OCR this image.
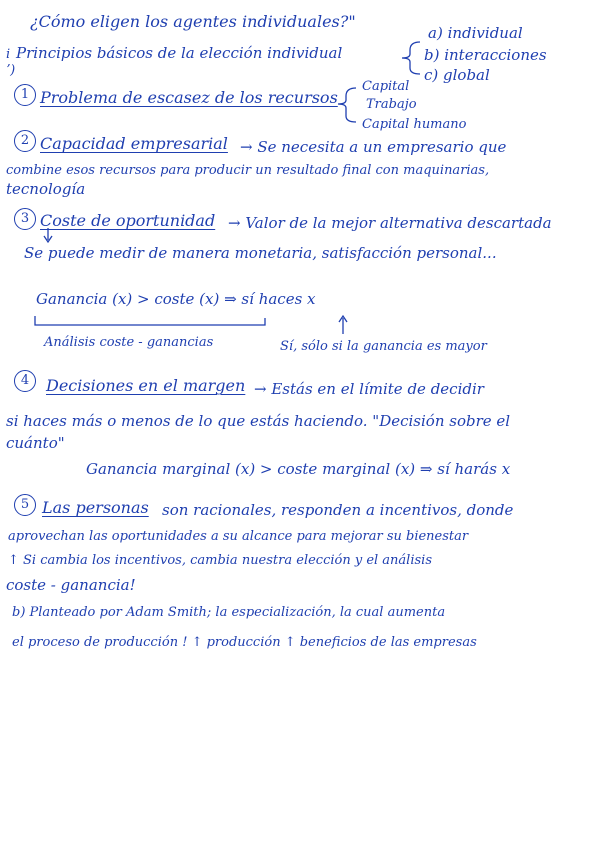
¿Cómo eligen los agentes individuales?"
i
ʼ)
Principios básicos de la elección individual
a) individual
b) interacciones
c) global
1 Problema de escasez de los recursos
Capital
Trabajo
Capital humano
2 Capacidad empresarial → Se necesita a un empresario que
combine esos recursos para producir un resultado final con maquinarias,
tecnología
3 Coste de oportunidad → Valor de la mejor alternativa descartada
Se puede medir de manera monetaria, satisfacción personal...
Ganancia (x) > coste (x) ⇒ sí haces x
Análisis coste - ganancias	Sí, sólo si la ganancia es mayor
4	Decisiones en el margen → Estás en el límite de decidir
si haces más o menos de lo que estás haciendo. "Decisión sobre el
cuánto"
Ganancia marginal (x) > coste marginal (x) ⇒ sí harás x
5 Las personas son racionales, responden a incentivos, donde
aprovechan las oportunidades a su alcance para mejorar su bienestar
↑ Si cambia los incentivos, cambia nuestra elección y el análisis
coste - ganancia!
b) Planteado por Adam Smith; la especialización, la cual aumenta
el proceso de producción ! ↑ producción ↑ beneficios de las empresas
